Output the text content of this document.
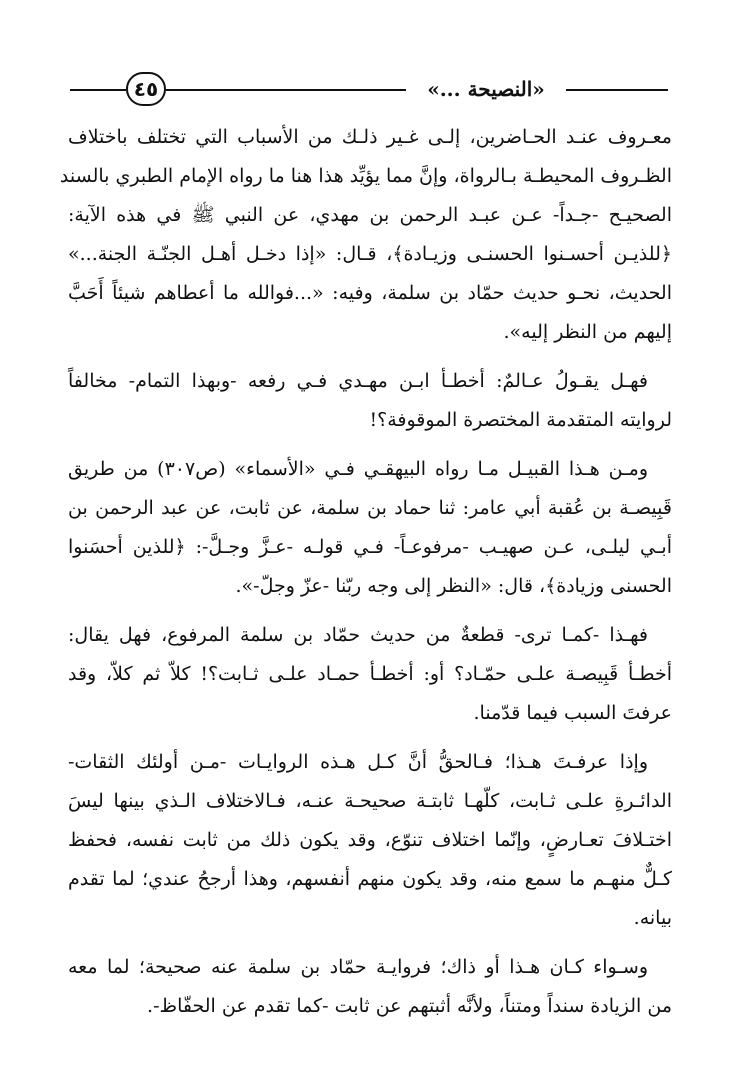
٤٥	«النصيحة ...»
معـروف عنـد الحـاضرين، إلـى غـير ذلـك من الأسباب التي تختلف باختلاف
الظـروف المحيطـة بـالرواة، وإنَّ مما يؤيِّد هذا هنا ما رواه الإمام الطبري بالسند
الصحيـح -جـداً- عـن عبـد الرحمن بن مهدي، عن النبي ﷺ في هذه الآية:
﴿للذيـن أحسـنوا الحسنـى وزيـادة﴾، قـال: «إذا دخـل أهـل الجنّـة الجنة...»
الحديث، نحـو حديث حمّاد بن سلمة، وفيه: «...فوالله ما أعطاهم شيئاً أَحَبَّ
إليهم من النظر إليه».
فهـل يقـولُ عـالمٌ: أخطـأ ابـن مهـدي فـي رفعه -وبهذا التمام- مخالفاً
لروايته المتقدمة المختصرة الموقوفة؟!
ومـن هـذا القبيـل مـا رواه البيهقـي فـي «الأسماء» (ص٣٠٧) من طريق
قَبِيصـة بن عُقبة أبي عامر: ثنا حماد بن سلمة، عن ثابت، عن عبد الرحمن بن
أبـي ليلـى، عـن صهيـب -مرفوعـاً- فـي قولـه -عـزَّ وجـلَّ-: ﴿للذين أحسَنوا
الحسنى وزيادة﴾، قال: «النظر إلى وجه ربّنا -عزّ وجلّ-».
فهـذا -كمـا ترى- قطعةٌ من حديث حمّاد بن سلمة المرفوع، فهل يقال:
أخطـأ قَبِيصـة علـى حمّـاد؟ أو: أخطـأ حمـاد علـى ثـابت؟! كلاّ ثم كلاّ، وقد
عرفتَ السبب فيما قدّمنا.
وإذا عرفـتَ هـذا؛ فـالحقُّ أنَّ كـل هـذه الروايـات -مـن أولئك الثقات-
الدائـرةِ علـى ثـابت، كلّهـا ثابتـة صحيحـة عنـه، فـالاختلاف الـذي بينها ليسَ
اختـلافَ تعـارضٍ، وإنّما اختلاف تنوّع، وقد يكون ذلك من ثابت نفسه، فحفظ
كـلٌّ منهـم ما سمع منه، وقد يكون منهم أنفسهم، وهذا أرجحُ عندي؛ لما تقدم
بيانه.
وسـواء كـان هـذا أو ذاك؛ فروايـة حمّاد بن سلمة عنه صحيحة؛ لما معه
من الزيادة سنداً ومتناً، ولأنَّه أثبتهم عن ثابت -كما تقدم عن الحفّاظ-.
